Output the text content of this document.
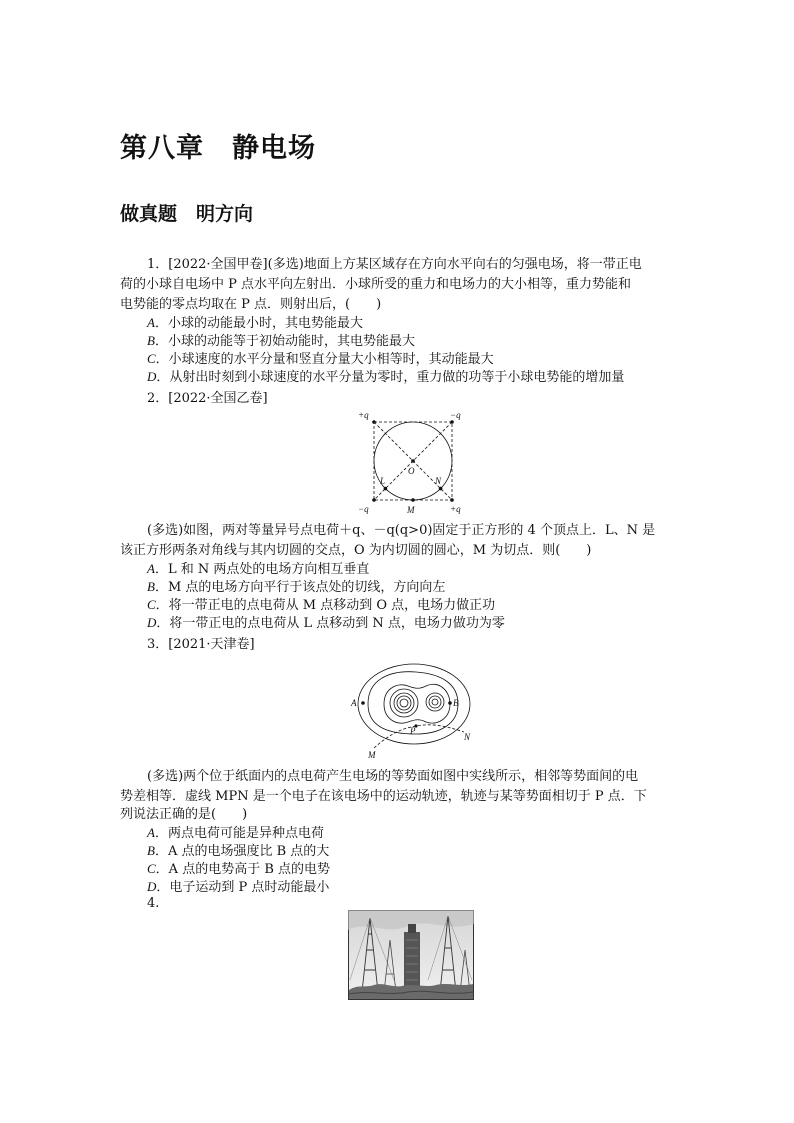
第八章　静电场
做真题　明方向
1．[2022·全国甲卷](多选)地面上方某区域存在方向水平向右的匀强电场，将一带正电
荷的小球自电场中 P 点水平向左射出．小球所受的重力和电场力的大小相等，重力势能和
电势能的零点均取在 P 点．则射出后，(　　)
A．小球的动能最小时，其电势能最大
B．小球的动能等于初始动能时，其电势能最大
C．小球速度的水平分量和竖直分量大小相等时，其动能最大
D．从射出时刻到小球速度的水平分量为零时，重力做的功等于小球电势能的增加量
2．[2022·全国乙卷]
+q	−q
−q	+q
O
L	N
M
(多选)如图，两对等量异号点电荷＋q、－q(q>0)固定于正方形的 4 个顶点上．L、N 是
该正方形两条对角线与其内切圆的交点，O 为内切圆的圆心，M 为切点．则(　　)
A．L 和 N 两点处的电场方向相互垂直
B．M 点的电场方向平行于该点处的切线，方向向左
C．将一带正电的点电荷从 M 点移动到 O 点，电场力做正功
D．将一带正电的点电荷从 L 点移动到 N 点，电场力做功为零
3．[2021·天津卷]
A	B
P
M
N
(多选)两个位于纸面内的点电荷产生电场的等势面如图中实线所示，相邻等势面间的电
势差相等．虚线 MPN 是一个电子在该电场中的运动轨迹，轨迹与某等势面相切于 P 点．下
列说法正确的是(　　)
A．两点电荷可能是异种点电荷
B．A 点的电场强度比 B 点的大
C．A 点的电势高于 B 点的电势
D．电子运动到 P 点时动能最小
4.
